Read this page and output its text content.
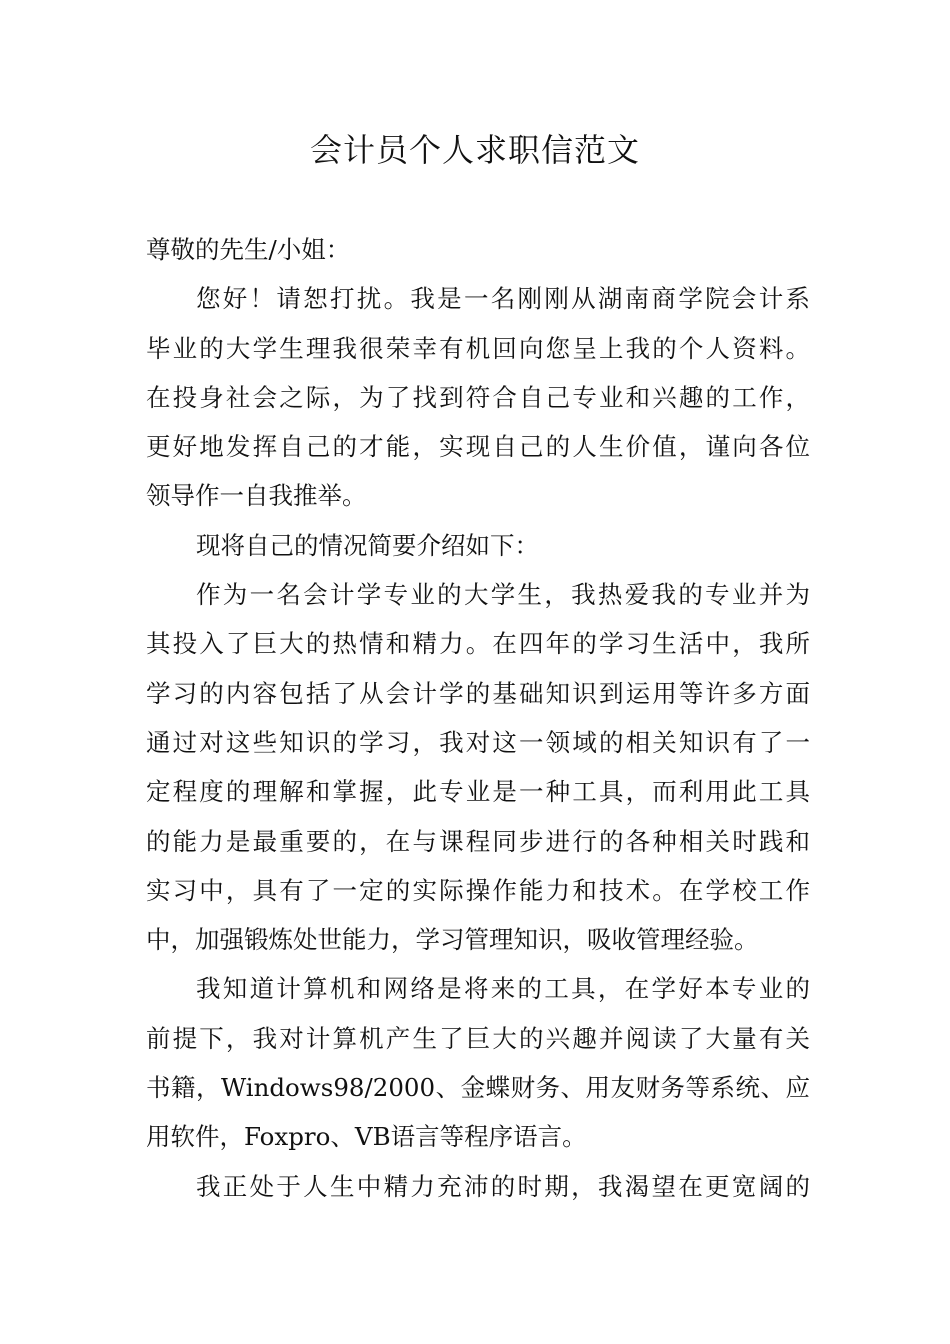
会计员个人求职信范文
尊敬的先生/小姐：
您好！请恕打扰。我是一名刚刚从湖南商学院会计系
毕业的大学生理我很荣幸有机回向您呈上我的个人资料。
在投身社会之际，为了找到符合自己专业和兴趣的工作，
更好地发挥自己的才能，实现自己的人生价值，谨向各位
领导作一自我推举。
现将自己的情况简要介绍如下：
作为一名会计学专业的大学生，我热爱我的专业并为
其投入了巨大的热情和精力。在四年的学习生活中，我所
学习的内容包括了从会计学的基础知识到运用等许多方面
通过对这些知识的学习，我对这一领域的相关知识有了一
定程度的理解和掌握，此专业是一种工具，而利用此工具
的能力是最重要的，在与课程同步进行的各种相关时践和
实习中，具有了一定的实际操作能力和技术。在学校工作
中，加强锻炼处世能力，学习管理知识，吸收管理经验。
我知道计算机和网络是将来的工具，在学好本专业的
前提下，我对计算机产生了巨大的兴趣并阅读了大量有关
书籍，Windows98/2000、金蝶财务、用友财务等系统、应
用软件，Foxpro、VB语言等程序语言。
我正处于人生中精力充沛的时期，我渴望在更宽阔的
